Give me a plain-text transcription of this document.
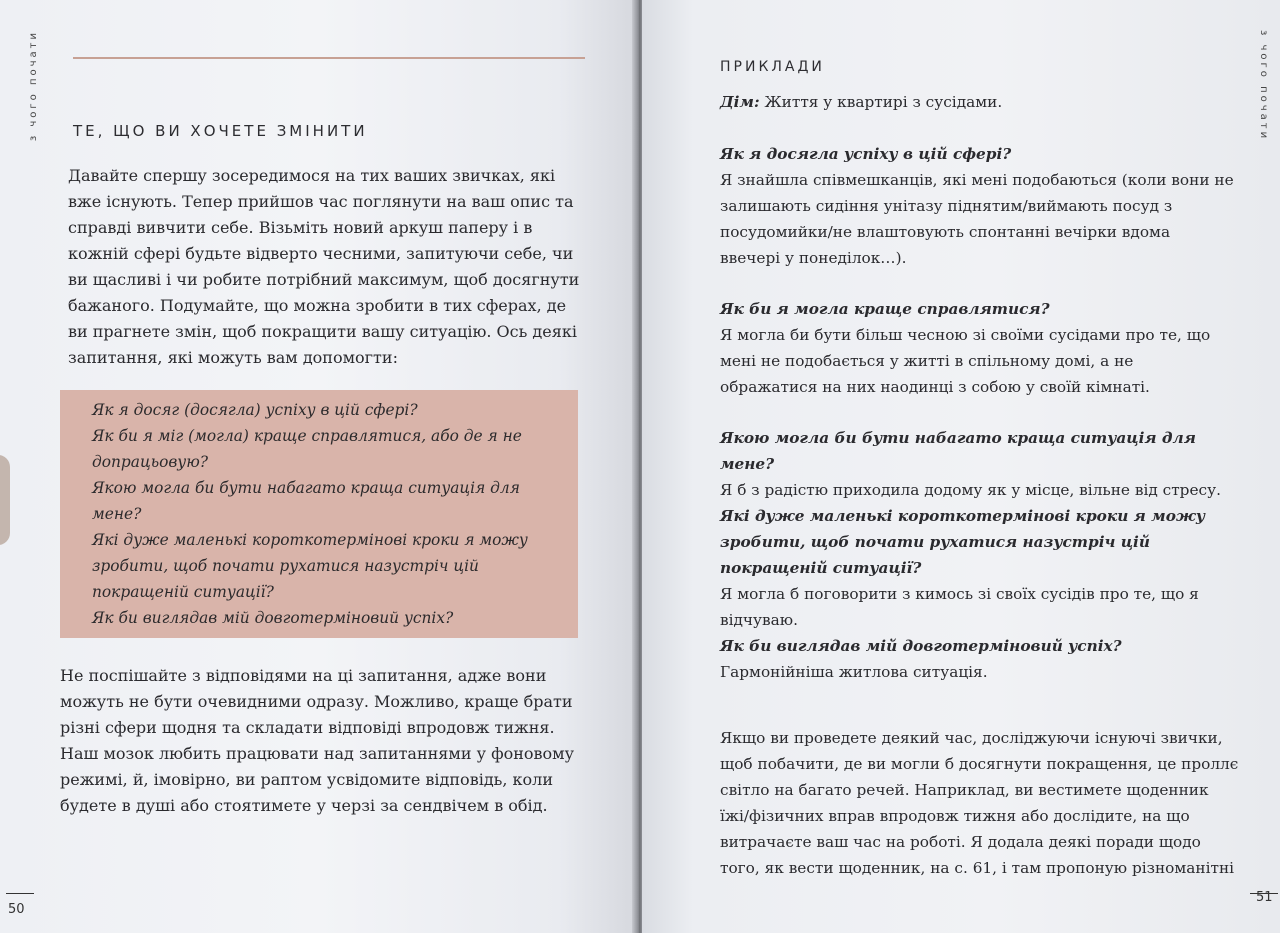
з чого почати ТЕ, ЩО ВИ ХОЧЕТЕ ЗМІНИТИ

Давайте спершу зосередимося на тих ваших звичках, які вже існують. Тепер прийшов час поглянути на ваш опис та справді вивчити себе. Візьміть новий аркуш паперу і в кожній сфері будьте відверто чесними, запитуючи себе, чи ви щасливі і чи робите потрібний максимум, щоб досягнути бажаного. Подумайте, що можна зробити в тих сферах, де ви прагнете змін, щоб покращити вашу ситуацію. Ось деякі запитання, які можуть вам допомогти:

Як я досяг (досягла) успіху в цій сфері?

Як би я міг (могла) краще справлятися, або де я не допрацьовую?

Якою могла би бути набагато краща ситуація для мене?

Які дуже маленькі короткотермінові кроки я можу зробити, щоб почати рухатися назустріч цій покращеній ситуації?

Як би виглядав мій довготерміновий успіх?

Не поспішайте з відповідями на ці запитання, адже вони можуть не бути очевидними одразу. Можливо, краще брати різні сфери щодня та складати відповіді впродовж тижня. Наш мозок любить працювати над запитаннями у фоновому режимі, й, імовірно, ви раптом усвідомите відповідь, коли будете в душі або стоятимете у черзі за сендвічем в обід.

50
з чого почати
ПРИКЛАДИ
Дім: Життя у квартирі з сусідами.
Як я досягла успіху в цій сфері?
Я знайшла співмешканців, які мені подобаються (коли вони не залишають сидіння унітазу піднятим/виймають посуд з посудомийки/не влаштовують спонтанні вечірки вдома ввечері у понеділок…).
Як би я могла краще справлятися?
Я могла би бути більш чесною зі своїми сусідами про те, що мені не подобається у житті в спільному домі, а не ображатися на них наодинці з собою у своїй кімнаті.
Якою могла би бути набагато краща ситуація для мене?
Я б з радістю приходила додому як у місце, вільне від стресу.
Які дуже маленькі короткотермінові кроки я можу зробити, щоб почати рухатися назустріч цій покращеній ситуації?
Я могла б поговорити з кимось зі своїх сусідів про те, що я відчуваю.
Як би виглядав мій довготерміновий успіх?
Гармонійніша житлова ситуація.

Якщо ви проведете деякий час, досліджуючи існуючі звички, щоб побачити, де ви могли б досягнути покращення, це проллє світло на багато речей. Наприклад, ви вестимете щоденник їжі/фізичних вправ впродовж тижня або дослідите, на що витрачаєте ваш час на роботі. Я додала деякі поради щодо того, як вести щоденник, на с. 61, і там пропоную різноманітні

51
